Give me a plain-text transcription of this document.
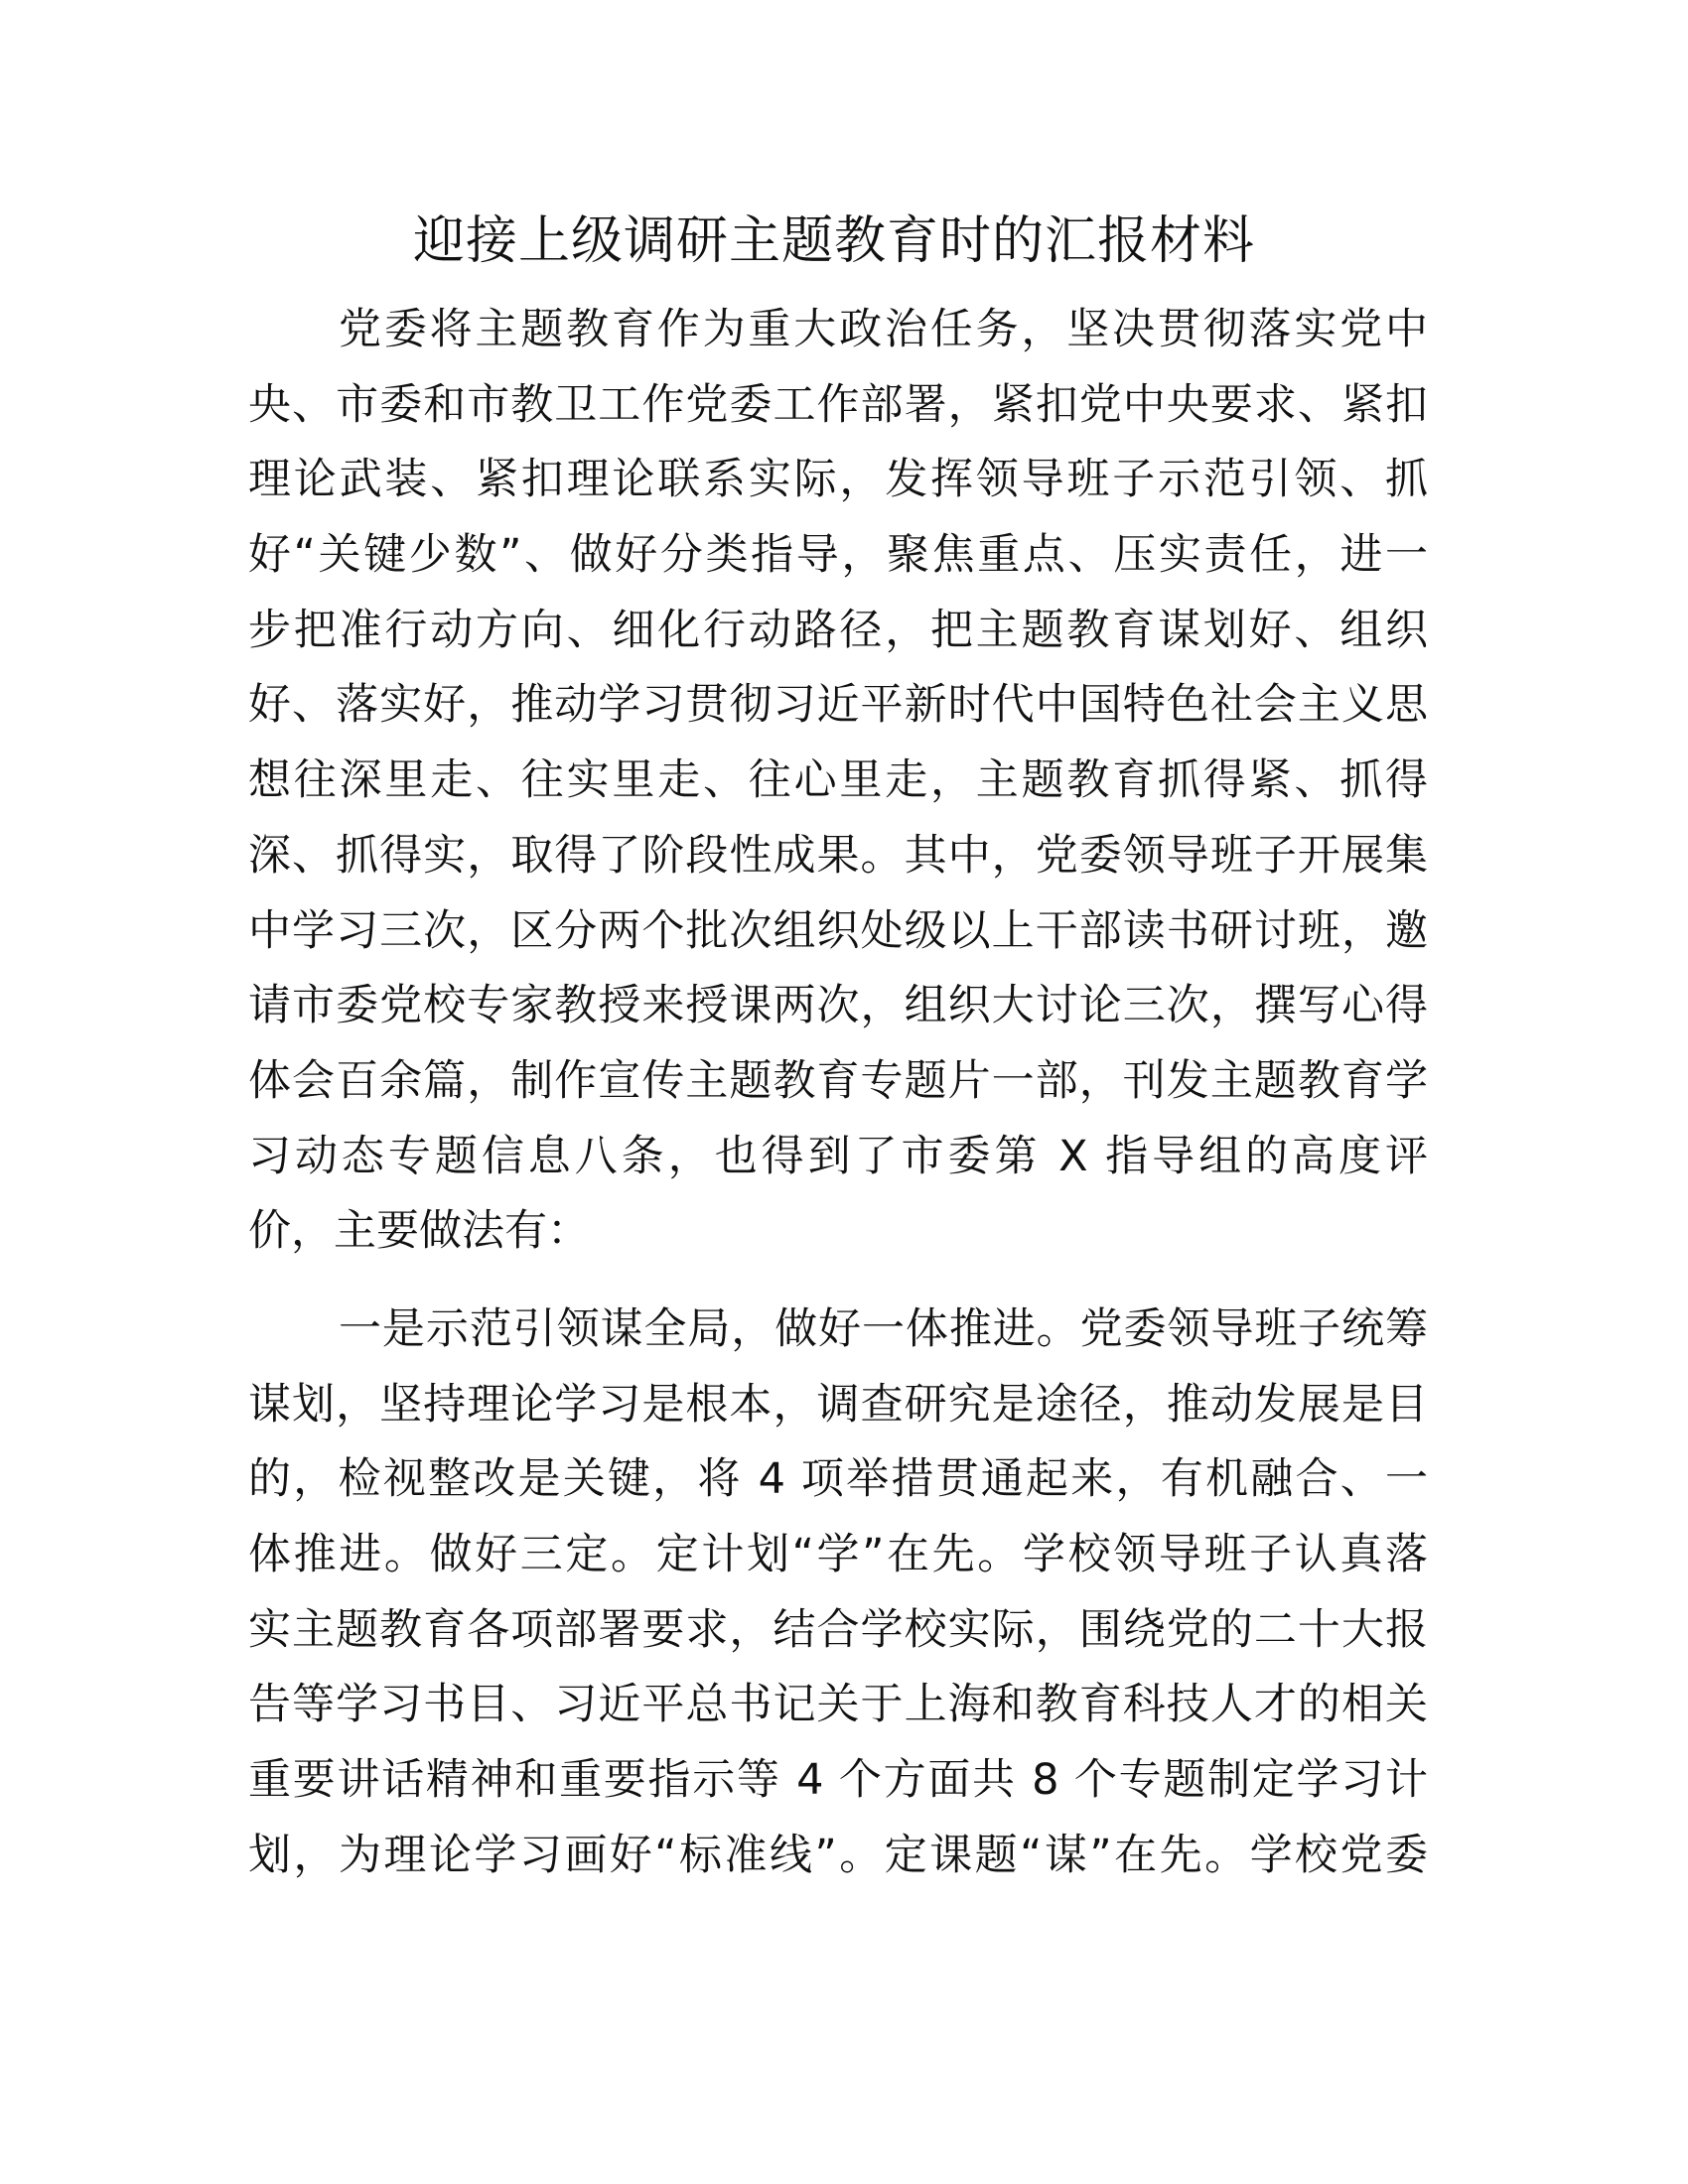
迎接上级调研主题教育时的汇报材料
党委将主题教育作为重大政治任务，坚决贯彻落实党中
央、市委和市教卫工作党委工作部署，紧扣党中央要求、紧扣
理论武装、紧扣理论联系实际，发挥领导班子示范引领、抓
好“关键少数”、做好分类指导，聚焦重点、压实责任，进一
步把准行动方向、细化行动路径，把主题教育谋划好、组织
好、落实好，推动学习贯彻习近平新时代中国特色社会主义思
想往深里走、往实里走、往心里走，主题教育抓得紧、抓得
深、抓得实，取得了阶段性成果。其中，党委领导班子开展集
中学习三次，区分两个批次组织处级以上干部读书研讨班，邀
请市委党校专家教授来授课两次，组织大讨论三次，撰写心得
体会百余篇，制作宣传主题教育专题片一部，刊发主题教育学
习动态专题信息八条，也得到了市委第 X 指导组的高度评
价，主要做法有：
一是示范引领谋全局，做好一体推进。党委领导班子统筹
谋划，坚持理论学习是根本，调查研究是途径，推动发展是目
的，检视整改是关键，将 4 项举措贯通起来，有机融合、一
体推进。做好三定。定计划“学”在先。学校领导班子认真落
实主题教育各项部署要求，结合学校实际，围绕党的二十大报
告等学习书目、习近平总书记关于上海和教育科技人才的相关
重要讲话精神和重要指示等 4 个方面共 8 个专题制定学习计
划，为理论学习画好“标准线”。定课题“谋”在先。学校党委
